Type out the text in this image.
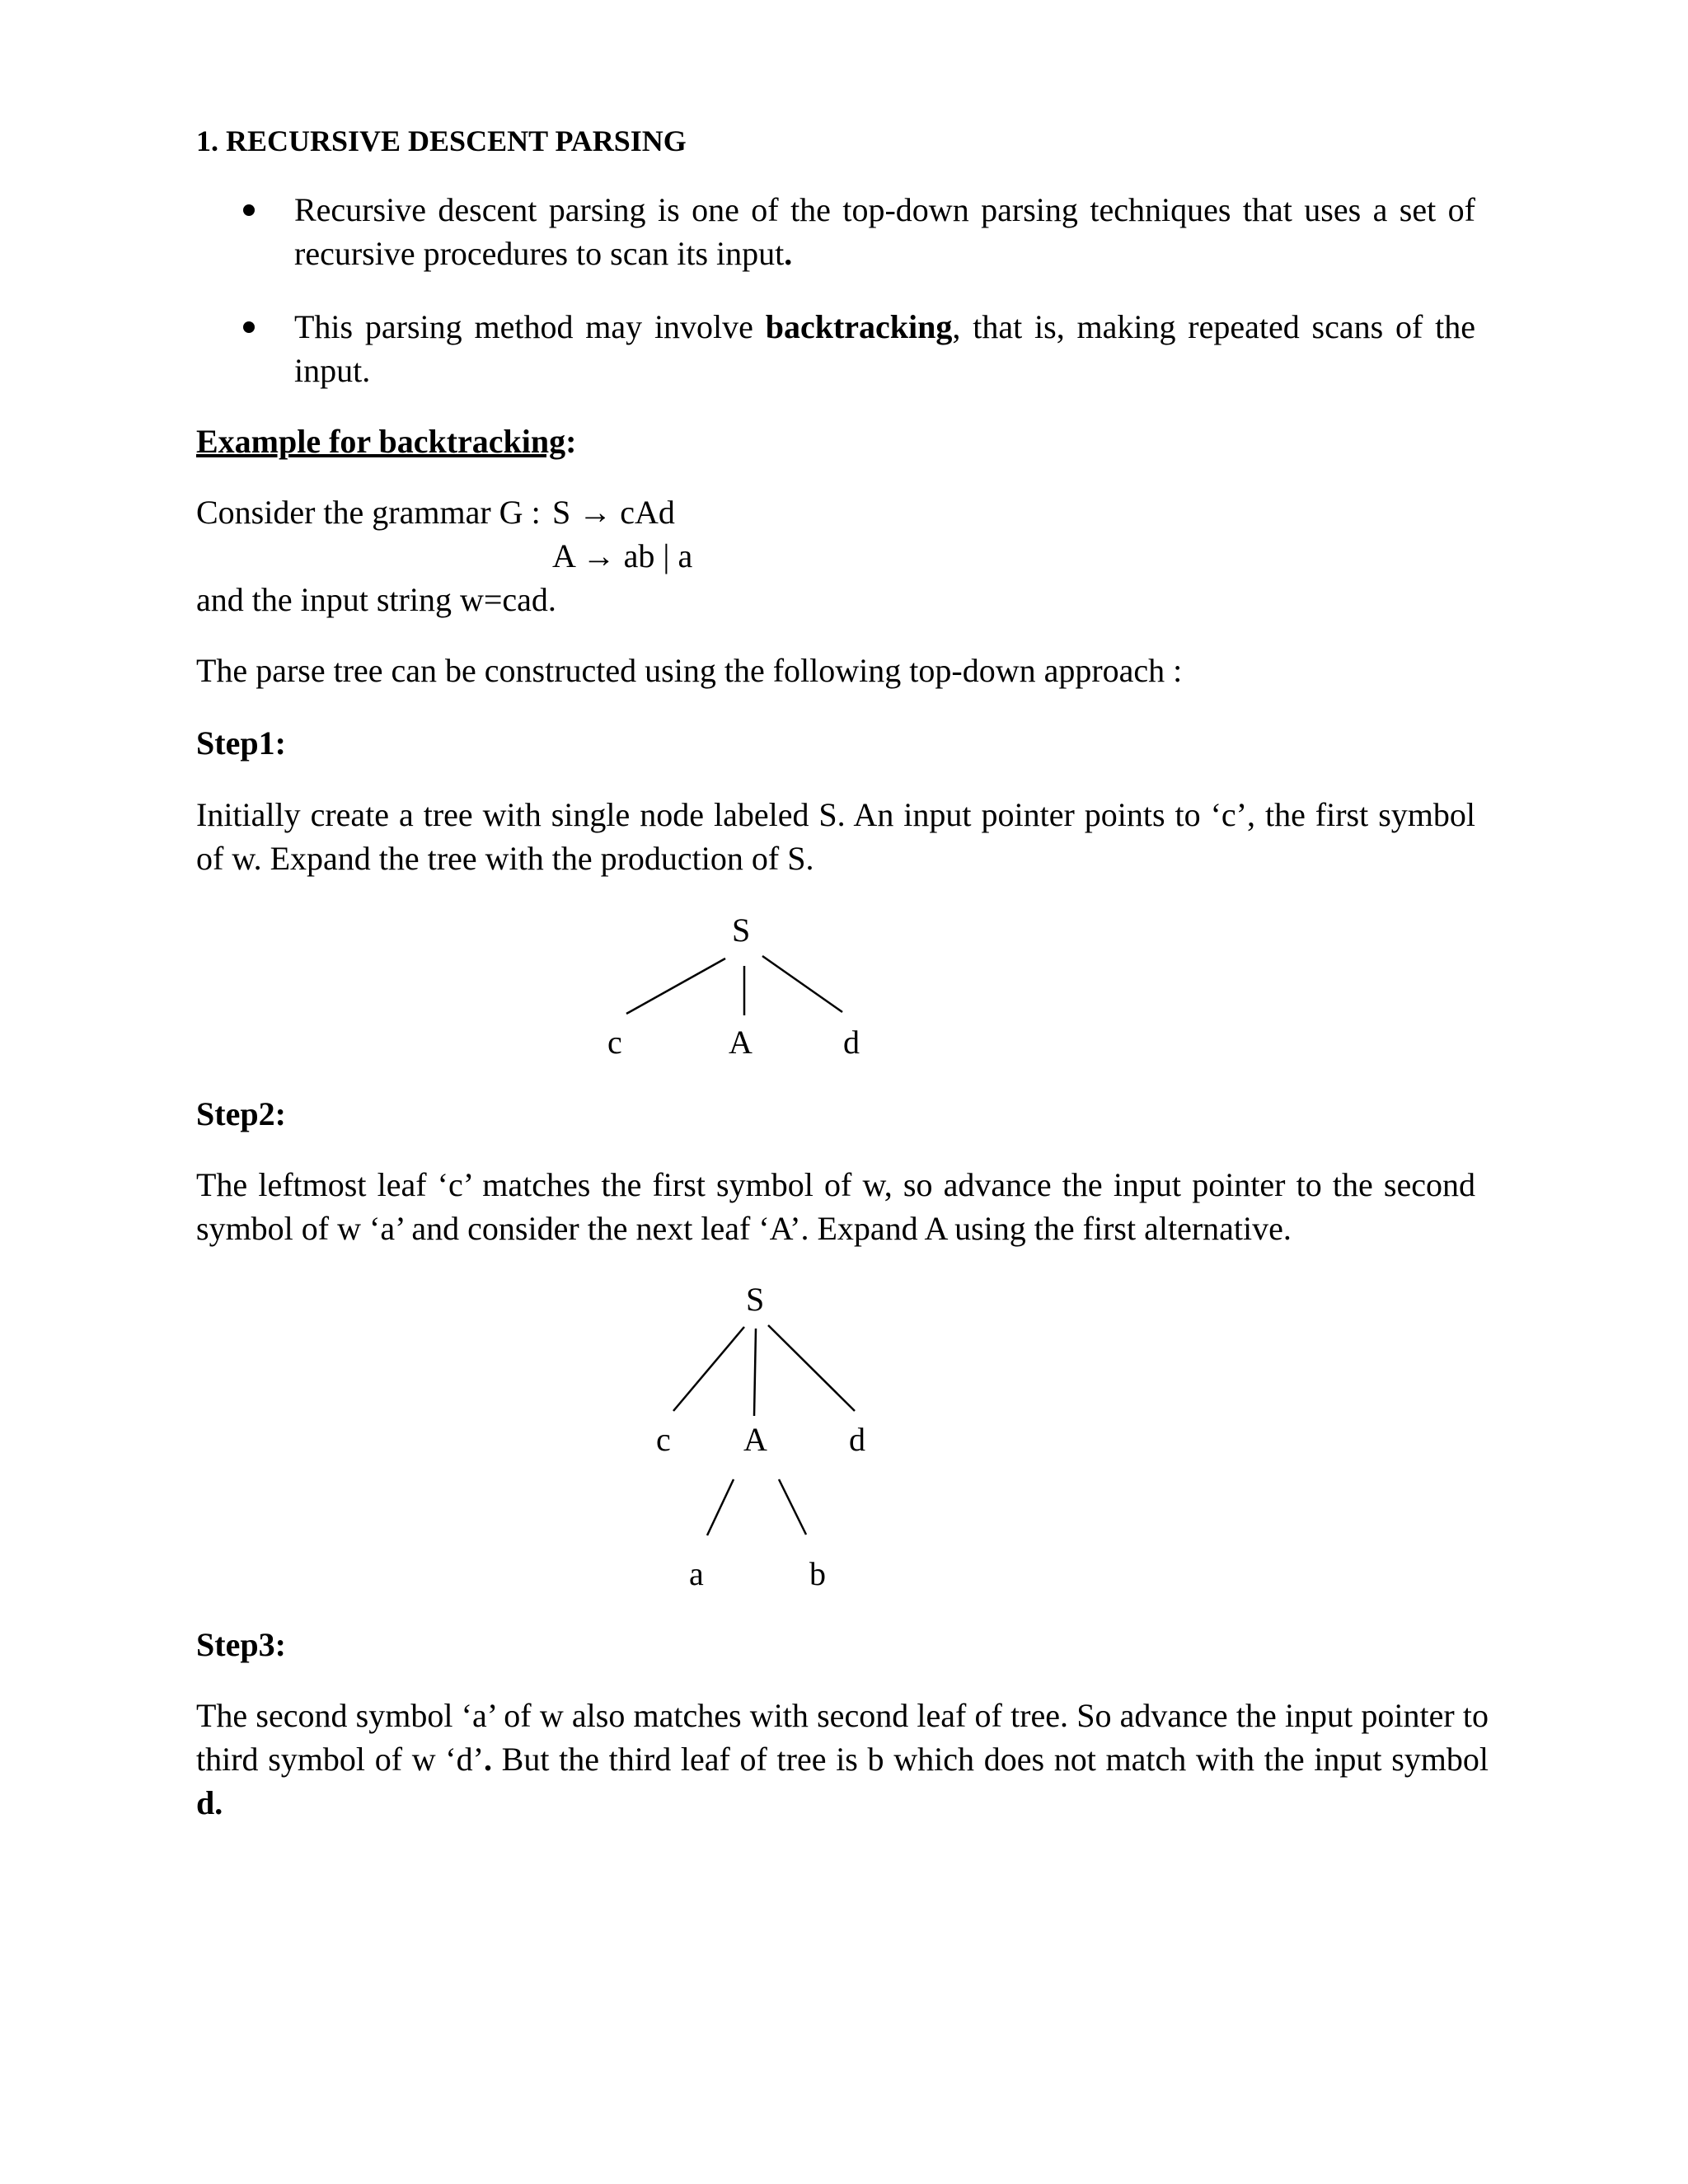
1. RECURSIVE DESCENT PARSING
Recursive descent parsing is one of the top-down parsing techniques that uses a set of recursive procedures to scan its input.
This parsing method may involve backtracking, that is, making repeated scans of the input.
Example for backtracking:
Consider the grammar G : S → cAd
A → ab | a
and the input string w=cad.
The parse tree can be constructed using the following top-down approach :
Step1:
Initially create a tree with single node labeled S. An input pointer points to ‘c’, the first symbol of w. Expand the tree with the production of S.
Step2:
The leftmost leaf ‘c’ matches the first symbol of w, so advance the input pointer to the second symbol of w ‘a’ and consider the next leaf ‘A’. Expand A using the first alternative.
Step3:
The second symbol ‘a’ of w also matches with second leaf of tree. So advance the input pointer to third symbol of w ‘d’. But the third leaf of tree is b which does not match with the input symbol d.
S
c	A	d
S
c A d
a	b
